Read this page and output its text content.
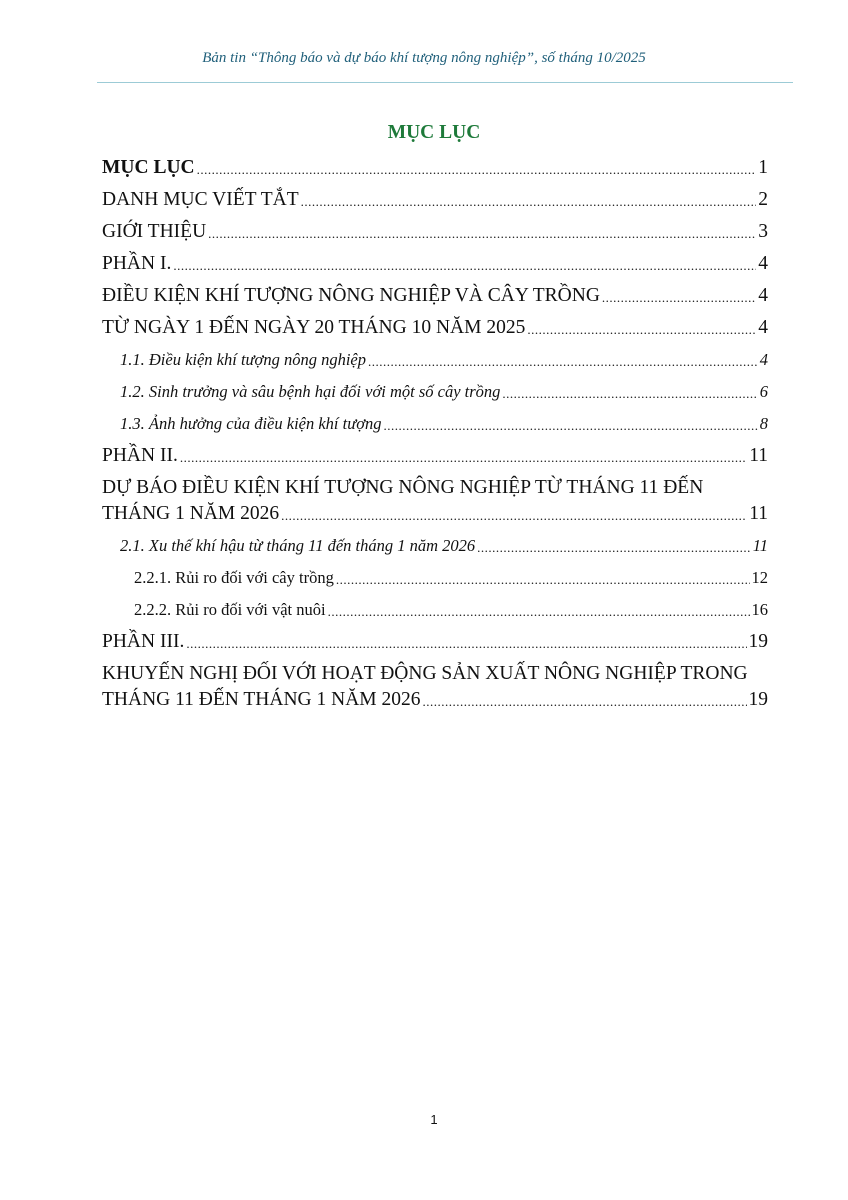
Bản tin “Thông báo và dự báo khí tượng nông nghiệp”, số tháng 10/2025
MỤC LỤC
MỤC LỤC .....	1
DANH MỤC VIẾT TẮT .....	2
GIỚI THIỆU .....	3
PHẦN I. .....	4
ĐIỀU KIỆN KHÍ TƯỢNG NÔNG NGHIỆP VÀ CÂY TRỒNG .....	4
TỪ NGÀY 1 ĐẾN NGÀY 20 THÁNG 10 NĂM 2025 .....	4
1.1. Điều kiện khí tượng nông nghiệp .....	4
1.2. Sinh trưởng và sâu bệnh hại đối với một số cây trồng .....	6
1.3. Ảnh hưởng của điều kiện khí tượng .....	8
PHẦN II. .....	11
DỰ BÁO ĐIỀU KIỆN KHÍ TƯỢNG NÔNG NGHIỆP TỪ THÁNG 11 ĐẾN
THÁNG 1 NĂM 2026 .....	11
2.1. Xu thế khí hậu từ tháng 11 đến tháng 1 năm 2026 .....	11
2.2.1. Rủi ro đối với cây trồng .....	12
2.2.2. Rủi ro đối với vật nuôi .....	16
PHẦN III. .....	19
KHUYẾN NGHỊ ĐỐI VỚI HOẠT ĐỘNG SẢN XUẤT NÔNG NGHIỆP TRONG
THÁNG 11 ĐẾN THÁNG 1 NĂM 2026 .....	19
1
